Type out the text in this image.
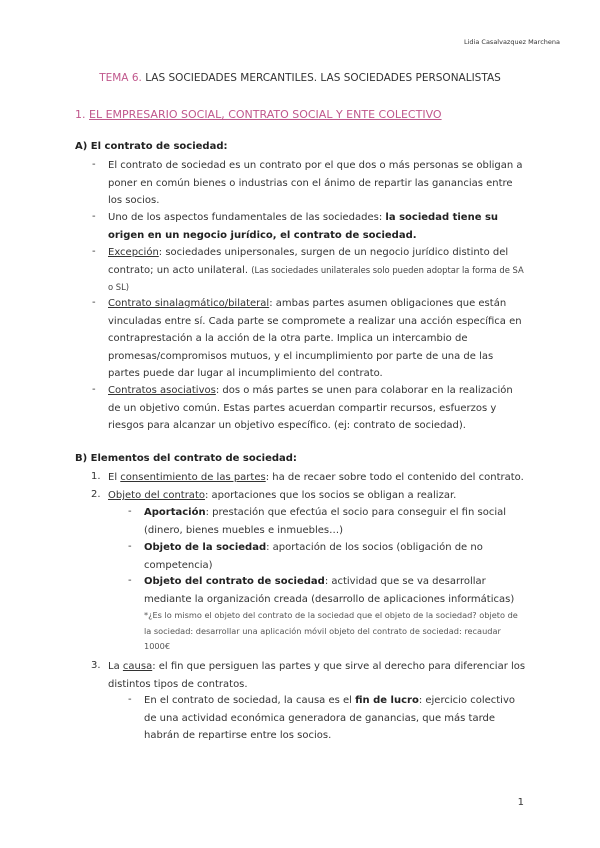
Lidia Casalvazquez Marchena
TEMA 6. LAS SOCIEDADES MERCANTILES. LAS SOCIEDADES PERSONALISTAS
1. EL EMPRESARIO SOCIAL, CONTRATO SOCIAL Y ENTE COLECTIVO
A) El contrato de sociedad:
- El contrato de sociedad es un contrato por el que dos o más personas se obligan a poner en común bienes o industrias con el ánimo de repartir las ganancias entre los socios.
- Uno de los aspectos fundamentales de las sociedades: la sociedad tiene su origen en un negocio jurídico, el contrato de sociedad.
- Excepción: sociedades unipersonales, surgen de un negocio jurídico distinto del contrato; un acto unilateral. (Las sociedades unilaterales solo pueden adoptar la forma de SA o SL)
- Contrato sinalagmático/bilateral: ambas partes asumen obligaciones que están vinculadas entre sí. Cada parte se compromete a realizar una acción específica en contraprestación a la acción de la otra parte. Implica un intercambio de promesas/compromisos mutuos, y el incumplimiento por parte de una de las partes puede dar lugar al incumplimiento del contrato.
- Contratos asociativos: dos o más partes se unen para colaborar en la realización de un objetivo común. Estas partes acuerdan compartir recursos, esfuerzos y riesgos para alcanzar un objetivo específico. (ej: contrato de sociedad).
B) Elementos del contrato de sociedad:
1. El consentimiento de las partes: ha de recaer sobre todo el contenido del contrato.
2. Objeto del contrato: aportaciones que los socios se obligan a realizar.
- Aportación: prestación que efectúa el socio para conseguir el fin social (dinero, bienes muebles e inmuebles…)
- Objeto de la sociedad: aportación de los socios (obligación de no competencia)
- Objeto del contrato de sociedad: actividad que se va desarrollar mediante la organización creada (desarrollo de aplicaciones informáticas)
*¿Es lo mismo el objeto del contrato de la sociedad que el objeto de la sociedad? objeto de la sociedad: desarrollar una aplicación móvil objeto del contrato de sociedad: recaudar 1000€
3. La causa: el fin que persiguen las partes y que sirve al derecho para diferenciar los distintos tipos de contratos.
- En el contrato de sociedad, la causa es el fin de lucro: ejercicio colectivo de una actividad económica generadora de ganancias, que más tarde habrán de repartirse entre los socios.
1
